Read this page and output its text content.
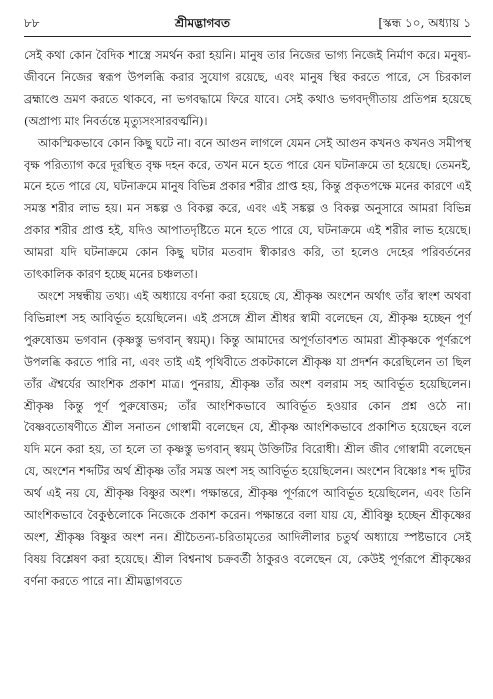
৮৮	শ্রীমদ্ভাগবত	[স্কন্ধ ১০, অধ্যায় ১

সেই কথা কোন বৈদিক শাস্ত্রে সমর্থন করা হয়নি। মানুষ তার নিজের ভাগ্য নিজেই নির্মাণ করে। মনুষ্য-জীবনে নিজের স্বরূপ উপলব্ধি করার সুযোগ রয়েছে, এবং মানুষ স্থির করতে পারে, সে চিরকাল ব্রহ্মাণ্ডে ভ্রমণ করতে থাকবে, না ভগবদ্ধামে ফিরে যাবে। সেই কথাও ভগবদ্‌গীতায় প্রতিপন্ন হয়েছে (অপ্রাপ্য মাং নিবর্তন্তে মৃত্যুসংসারবর্ত্মনি)।

আকস্মিকভাবে কোন কিছু ঘটে না। বনে আগুন লাগলে যেমন সেই আগুন কখনও কখনও সমীপস্থ বৃক্ষ পরিত্যাগ করে দূরস্থিত বৃক্ষ দহন করে, তখন মনে হতে পারে যেন ঘটনাক্রমে তা হয়েছে। তেমনই, মনে হতে পারে যে, ঘটনাক্রমে মানুষ বিভিন্ন প্রকার শরীর প্রাপ্ত হয়, কিন্তু প্রকৃতপক্ষে মনের কারণে এই সমস্ত শরীর লাভ হয়। মন সঙ্কল্প ও বিকল্প করে, এবং এই সঙ্কল্প ও বিকল্প অনুসারে আমরা বিভিন্ন প্রকার শরীর প্রাপ্ত হই, যদিও আপাতদৃষ্টিতে মনে হতে পারে যে, ঘটনাক্রমে এই শরীর লাভ হয়েছে। আমরা যদি ঘটনাক্রমে কোন কিছু ঘটার মতবাদ স্বীকারও করি, তা হলেও দেহের পরিবর্তনের তাৎকালিক কারণ হচ্ছে মনের চঞ্চলতা।

অংশে সম্বন্ধীয় তথ্য। এই অধ্যায়ে বর্ণনা করা হয়েছে যে, শ্রীকৃষ্ণ অংশেন অর্থাৎ তাঁর স্বাংশ অথবা বিভিন্নাংশ সহ আবির্ভূত হয়েছিলেন। এই প্রসঙ্গে শ্রীল শ্রীধর স্বামী বলেছেন যে, শ্রীকৃষ্ণ হচ্ছেন পূর্ণ পুরুষোত্তম ভগবান (কৃষ্ণস্তু ভগবান্ স্বয়ম্)। কিন্তু আমাদের অপূর্ণতাবশত আমরা শ্রীকৃষ্ণকে পূর্ণরূপে উপলব্ধি করতে পারি না, এবং তাই এই পৃথিবীতে প্রকটকালে শ্রীকৃষ্ণ যা প্রদর্শন করেছিলেন তা ছিল তাঁর ঐশ্বর্যের আংশিক প্রকাশ মাত্র। পুনরায়, শ্রীকৃষ্ণ তাঁর অংশ বলরাম সহ আবির্ভূত হয়েছিলেন। শ্রীকৃষ্ণ কিন্তু পূর্ণ পুরুষোত্তম; তাঁর আংশিকভাবে আবির্ভূত হওয়ার কোন প্রশ্ন ওঠে না। বৈষ্ণবতোষণীতে শ্রীল সনাতন গোস্বামী বলেছেন যে, শ্রীকৃষ্ণ আংশিকভাবে প্রকাশিত হয়েছেন বলে যদি মনে করা হয়, তা হলে তা কৃষ্ণস্তু ভগবান্ স্বয়ম্ উক্তিটির বিরোধী। শ্রীল জীব গোস্বামী বলেছেন যে, অংশেন শব্দটির অর্থ শ্রীকৃষ্ণ তাঁর সমস্ত অংশ সহ আবির্ভূত হয়েছিলেন। অংশেন বিষ্ণোঃ শব্দ দুটির অর্থ এই নয় যে, শ্রীকৃষ্ণ বিষ্ণুর অংশ। পক্ষান্তরে, শ্রীকৃষ্ণ পূর্ণরূপে আবির্ভূত হয়েছিলেন, এবং তিনি আংশিকভাবে বৈকুণ্ঠলোকে নিজেকে প্রকাশ করেন। পক্ষান্তরে বলা যায় যে, শ্রীবিষ্ণু হচ্ছেন শ্রীকৃষ্ণের অংশ, শ্রীকৃষ্ণ বিষ্ণুর অংশ নন। শ্রীচৈতন্য-চরিতামৃতের আদিলীলার চতুর্থ অধ্যায়ে স্পষ্টভাবে সেই বিষয় বিশ্লেষণ করা হয়েছে। শ্রীল বিশ্বনাথ চক্রবর্তী ঠাকুরও বলেছেন যে, কেউই পূর্ণরূপে শ্রীকৃষ্ণের বর্ণনা করতে পারে না। শ্রীমদ্ভাগবতে
